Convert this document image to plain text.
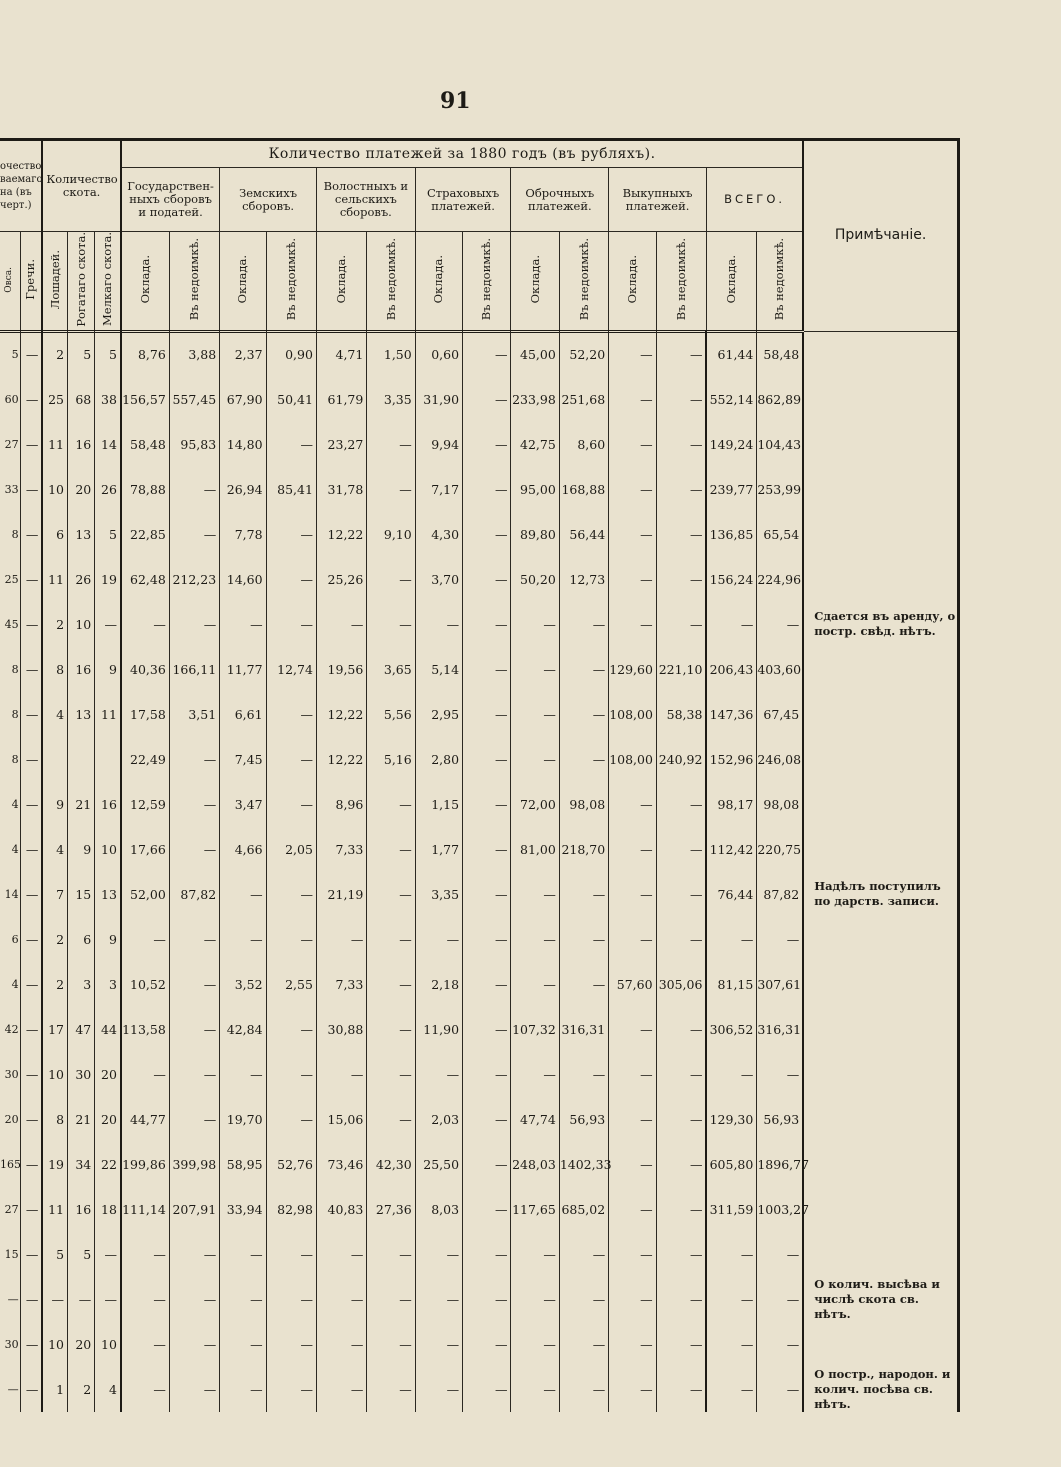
91
очество ваемаго на (въ черт.)		Количество скота.			Количество платежей за 1880 годъ (въ рубляхъ).														Примѣчаніе.
					Государствен-ныхъ сборовъ и податей.		Земскихъ сборовъ.		Волостныхъ и сельскихъ сборовъ.		Страховыхъ платежей.		Оброчныхъ платежей.		Выкупныхъ платежей.		ВСЕГО.		
Овса.	Гречи.	Лошадей.	Рогатаго скота.	Мелкаго скота.	Оклада.	Въ недоимкѣ.	Оклада.	Въ недоимкѣ.	Оклада.	Въ недоимкѣ.	Оклада.	Въ недоимкѣ.	Оклада.	Въ недоимкѣ.	Оклада.	Въ недоимкѣ.	Оклада.	Въ недоимкѣ.	

5	—	2	5	5	8,76	3,88	2,37	0,90	4,71	1,50	0,60	—	45,00	52,20	—	—	61,44	58,48	
60	—	25	68	38	156,57	557,45	67,90	50,41	61,79	3,35	31,90	—	233,98	251,68	—	—	552,14	862,89	
27	—	11	16	14	58,48	95,83	14,80	—	23,27	—	9,94	—	42,75	8,60	—	—	149,24	104,43	
33	—	10	20	26	78,88	—	26,94	85,41	31,78	—	7,17	—	95,00	168,88	—	—	239,77	253,99	
8	—	6	13	5	22,85	—	7,78	—	12,22	9,10	4,30	—	89,80	56,44	—	—	136,85	65,54	
25	—	11	26	19	62,48	212,23	14,60	—	25,26	—	3,70	—	50,20	12,73	—	—	156,24	224,96	
45	—	2	10	—	—	—	—	—	—	—	—	—	—	—	—	—	—	—	Сдается въ аренду, о постр. свѣд. нѣтъ.
8	—	8	16	9	40,36	166,11	11,77	12,74	19,56	3,65	5,14	—	—	—	129,60	221,10	206,43	403,60	
8	—	4	13	11	17,58	3,51	6,61	—	12,22	5,56	2,95	—	—	—	108,00	58,38	147,36	67,45	
8	—				22,49	—	7,45	—	12,22	5,16	2,80	—	—	—	108,00	240,92	152,96	246,08	
4	—	9	21	16	12,59	—	3,47	—	8,96	—	1,15	—	72,00	98,08	—	—	98,17	98,08	
4	—	4	9	10	17,66	—	4,66	2,05	7,33	—	1,77	—	81,00	218,70	—	—	112,42	220,75	
14	—	7	15	13	52,00	87,82	—	—	21,19	—	3,35	—	—	—	—	—	76,44	87,82	Надѣлъ поступилъ по дарств. записи.
6	—	2	6	9	—	—	—	—	—	—	—	—	—	—	—	—	—	—	
4	—	2	3	3	10,52	—	3,52	2,55	7,33	—	2,18	—	—	—	57,60	305,06	81,15	307,61	
42	—	17	47	44	113,58	—	42,84	—	30,88	—	11,90	—	107,32	316,31	—	—	306,52	316,31	
30	—	10	30	20	—	—	—	—	—	—	—	—	—	—	—	—	—	—	
20	—	8	21	20	44,77	—	19,70	—	15,06	—	2,03	—	47,74	56,93	—	—	129,30	56,93	
165	—	19	34	22	199,86	399,98	58,95	52,76	73,46	42,30	25,50	—	248,03	1402,33	—	—	605,80	1896,77	
27	—	11	16	18	111,14	207,91	33,94	82,98	40,83	27,36	8,03	—	117,65	685,02	—	—	311,59	1003,27	
15	—	5	5	—	—	—	—	—	—	—	—	—	—	—	—	—	—	—	
—	—	—	—	—	—	—	—	—	—	—	—	—	—	—	—	—	—	—	О колич. высѣва и числѣ скота св. нѣтъ.
30	—	10	20	10	—	—	—	—	—	—	—	—	—	—	—	—	—	—	
—	—	1	2	4	—	—	—	—	—	—	—	—	—	—	—	—	—	—	О постр., народон. и колич. посѣва св. нѣтъ.
